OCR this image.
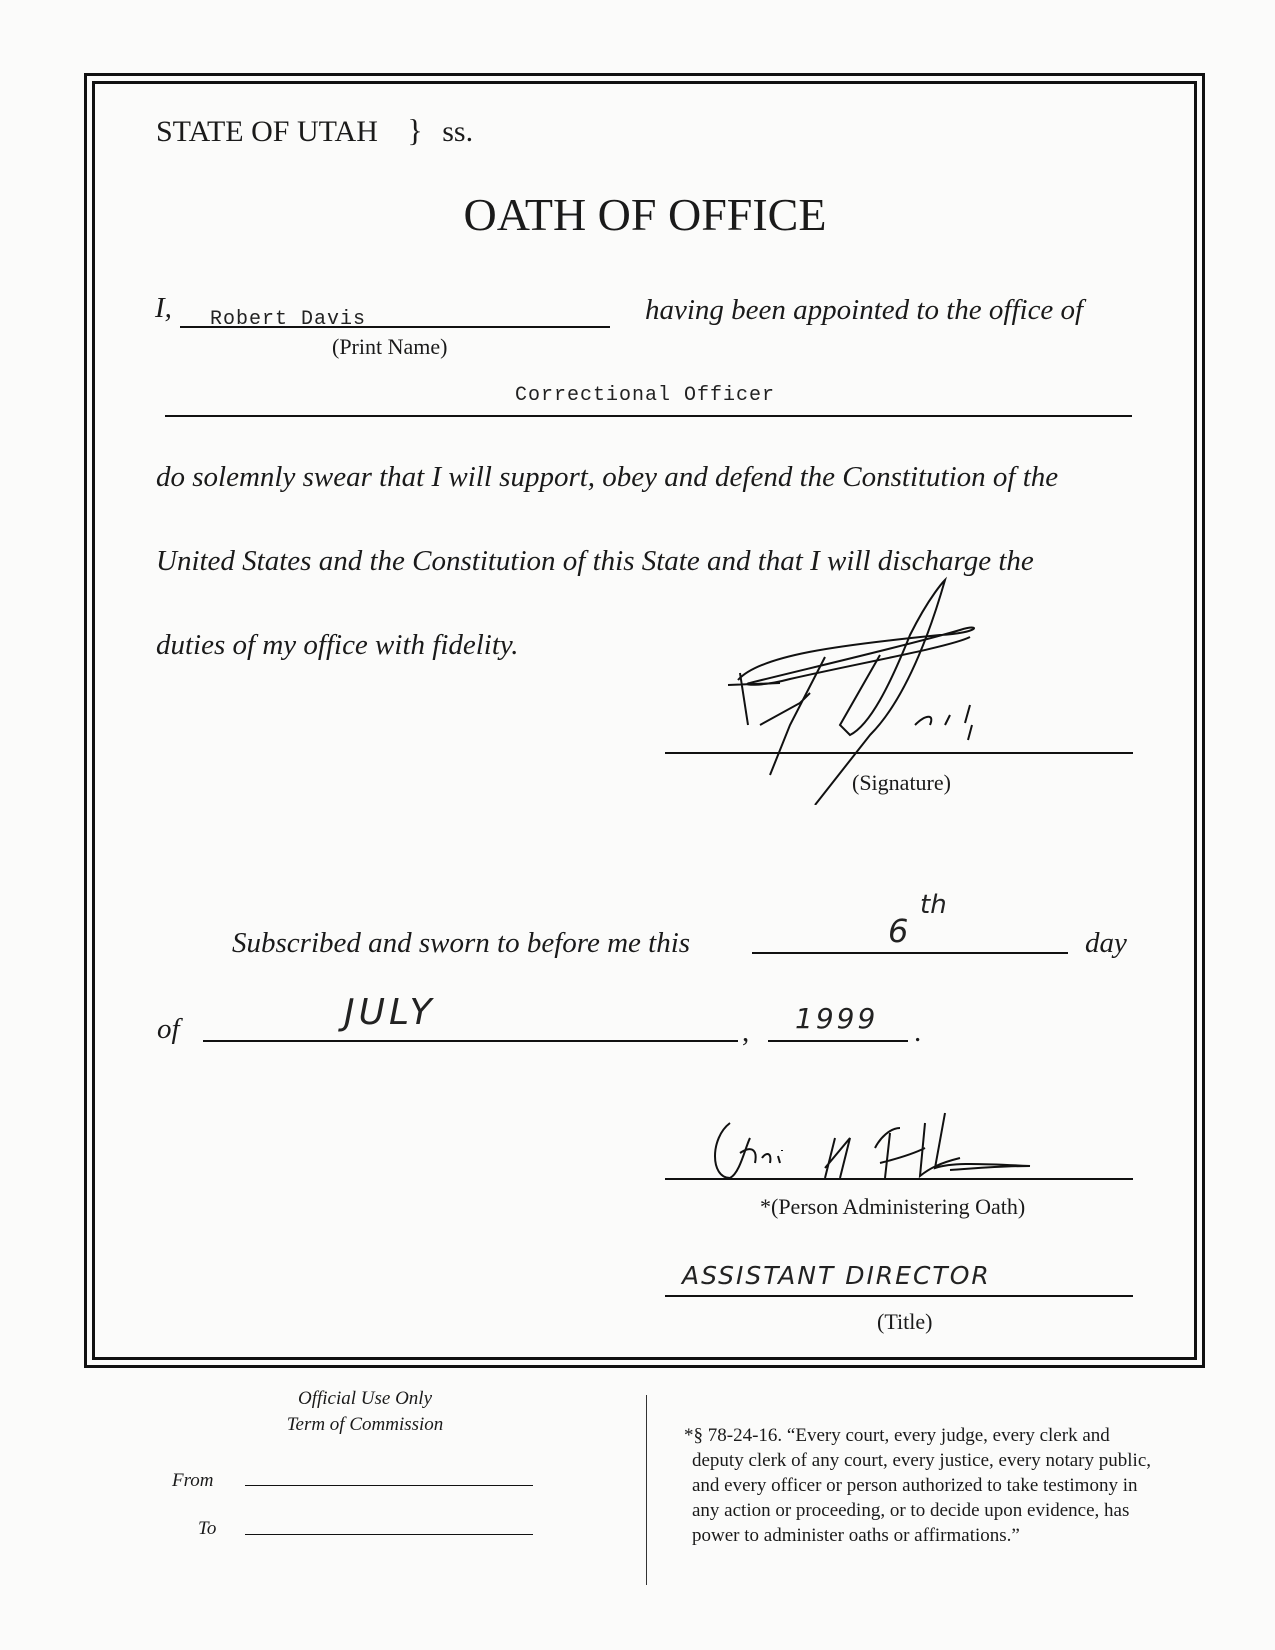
STATE OF UTAH } ss.
OATH OF OFFICE
I, Robert Davis
(Print Name)
having been appointed to the office of
Correctional Officer
do solemnly swear that I will support, obey and defend the Constitution of the
United States and the Constitution of this State and that I will discharge the
duties of my office with fidelity.
(Signature)
Subscribed and sworn to before me this	6
th
day
of	JULY	, 1999 .
*(Person Administering Oath)
ASSISTANT DIRECTOR
(Title)
Official Use Only
Term of Commission
From
To
*§ 78-24-16. “Every court, every judge, every clerk and
deputy clerk of any court, every justice, every notary public,
and every officer or person authorized to take testimony in
any action or proceeding, or to decide upon evidence, has
power to administer oaths or affirmations.”
